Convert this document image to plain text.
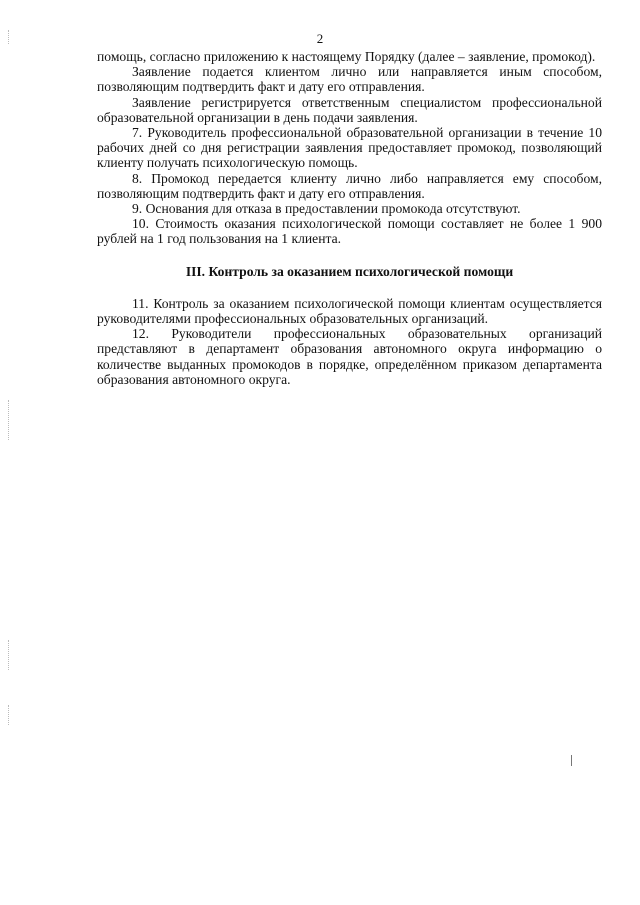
2

помощь, согласно приложению к настоящему Порядку (далее – заявление, промокод).

Заявление подается клиентом лично или направляется иным способом, позволяющим подтвердить факт и дату его отправления.

Заявление регистрируется ответственным специалистом профессиональной образовательной организации в день подачи заявления.

7. Руководитель профессиональной образовательной организации в течение 10 рабочих дней со дня регистрации заявления предоставляет промокод, позволяющий клиенту получать психологическую помощь.

8. Промокод передается клиенту лично либо направляется ему способом, позволяющим подтвердить факт и дату его отправления.

9. Основания для отказа в предоставлении промокода отсутствуют.

10. Стоимость оказания психологической помощи составляет не более 1 900 рублей на 1 год пользования на 1 клиента.

III. Контроль за оказанием психологической помощи

11. Контроль за оказанием психологической помощи клиентам осуществляется руководителями профессиональных образовательных организаций.

12. Руководители профессиональных образовательных организаций представляют в департамент образования автономного округа информацию о количестве выданных промокодов в порядке, определённом приказом департамента образования автономного округа.
